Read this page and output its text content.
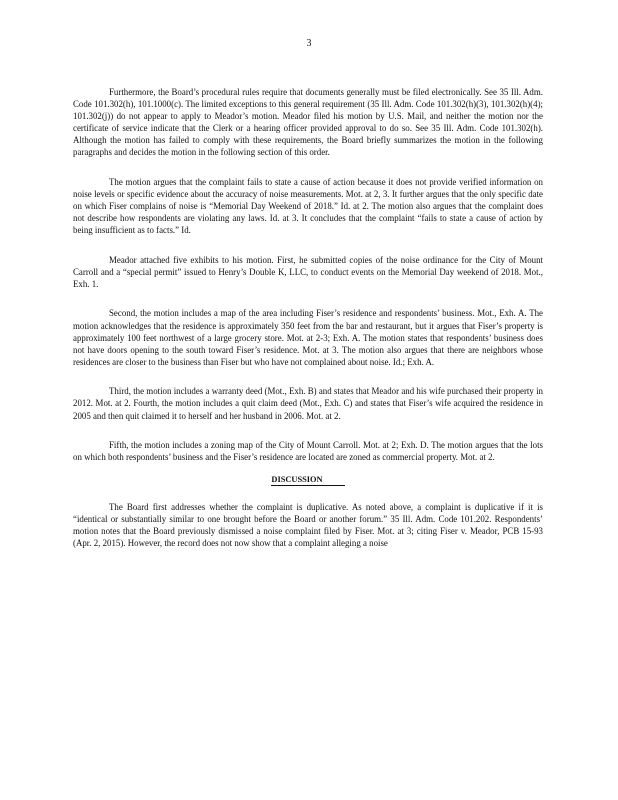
3

Furthermore, the Board’s procedural rules require that documents generally must be filed electronically. See 35 Ill. Adm. Code 101.302(h), 101.1000(c). The limited exceptions to this general requirement (35 Ill. Adm. Code 101.302(h)(3), 101.302(h)(4); 101.302(j)) do not appear to apply to Meador’s motion. Meador filed his motion by U.S. Mail, and neither the motion nor the certificate of service indicate that the Clerk or a hearing officer provided approval to do so. See 35 Ill. Adm. Code 101.302(h). Although the motion has failed to comply with these requirements, the Board briefly summarizes the motion in the following paragraphs and decides the motion in the following section of this order.

The motion argues that the complaint fails to state a cause of action because it does not provide verified information on noise levels or specific evidence about the accuracy of noise measurements. Mot. at 2, 3. It further argues that the only specific date on which Fiser complains of noise is “Memorial Day Weekend of 2018.” Id. at 2. The motion also argues that the complaint does not describe how respondents are violating any laws. Id. at 3. It concludes that the complaint “fails to state a cause of action by being insufficient as to facts.” Id.

Meador attached five exhibits to his motion. First, he submitted copies of the noise ordinance for the City of Mount Carroll and a “special permit” issued to Henry’s Double K, LLC, to conduct events on the Memorial Day weekend of 2018. Mot., Exh. 1.

Second, the motion includes a map of the area including Fiser’s residence and respondents’ business. Mot., Exh. A. The motion acknowledges that the residence is approximately 350 feet from the bar and restaurant, but it argues that Fiser’s property is approximately 100 feet northwest of a large grocery store. Mot. at 2-3; Exh. A. The motion states that respondents’ business does not have doors opening to the south toward Fiser’s residence. Mot. at 3. The motion also argues that there are neighbors whose residences are closer to the business than Fiser but who have not complained about noise. Id.; Exh. A.

Third, the motion includes a warranty deed (Mot., Exh. B) and states that Meador and his wife purchased their property in 2012. Mot. at 2. Fourth, the motion includes a quit claim deed (Mot., Exh. C) and states that Fiser’s wife acquired the residence in 2005 and then quit claimed it to herself and her husband in 2006. Mot. at 2.

Fifth, the motion includes a zoning map of the City of Mount Carroll. Mot. at 2; Exh. D. The motion argues that the lots on which both respondents’ business and the Fiser’s residence are located are zoned as commercial property. Mot. at 2.

DISCUSSION

The Board first addresses whether the complaint is duplicative. As noted above, a complaint is duplicative if it is “identical or substantially similar to one brought before the Board or another forum.” 35 Ill. Adm. Code 101.202. Respondents’ motion notes that the Board previously dismissed a noise complaint filed by Fiser. Mot. at 3; citing Fiser v. Meador, PCB 15-93 (Apr. 2, 2015). However, the record does not now show that a complaint alleging a noise
